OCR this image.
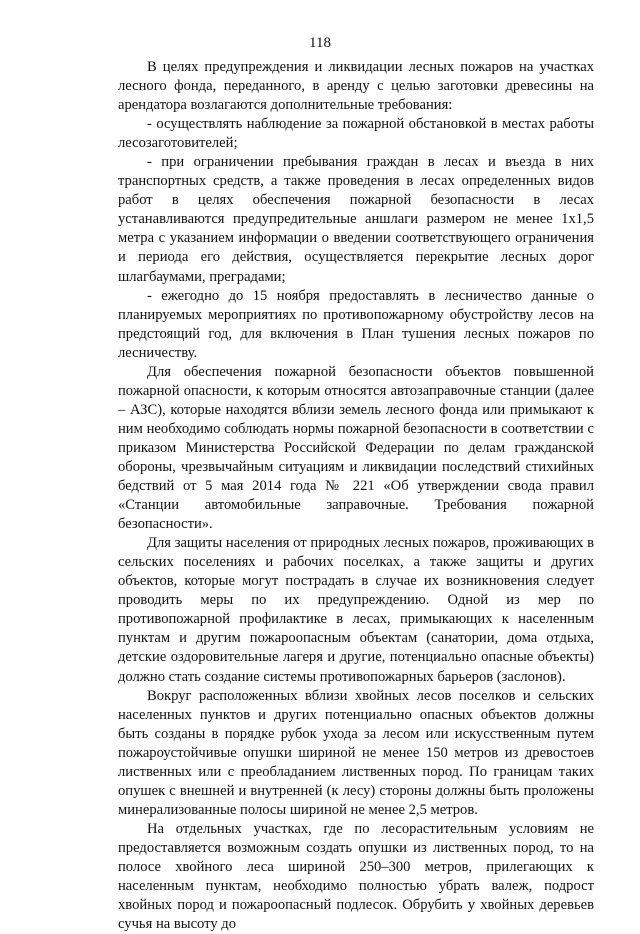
118

В целях предупреждения и ликвидации лесных пожаров на участках лесного фонда, переданного, в аренду с целью заготовки древесины на арендатора возлагаются дополнительные требования:

- осуществлять наблюдение за пожарной обстановкой в местах работы лесозаготовителей;

- при ограничении пребывания граждан в лесах и въезда в них транспортных средств, а также проведения в лесах определенных видов работ в целях обеспечения пожарной безопасности в лесах устанавливаются предупредительные аншлаги размером не менее 1х1,5 метра с указанием информации о введении соответствующего ограничения и периода его действия, осуществляется перекрытие лесных дорог шлагбаумами, преградами;

- ежегодно до 15 ноября предоставлять в лесничество данные о планируемых мероприятиях по противопожарному обустройству лесов на предстоящий год, для включения в План тушения лесных пожаров по лесничеству.

Для обеспечения пожарной безопасности объектов повышенной пожарной опасности, к которым относятся автозаправочные станции (далее – АЗС), которые находятся вблизи земель лесного фонда или примыкают к ним необходимо соблюдать нормы пожарной безопасности в соответствии с приказом Министерства Российской Федерации по делам гражданской обороны, чрезвычайным ситуациям и ликвидации последствий стихийных бедствий от 5 мая 2014 года № 221 «Об утверждении свода правил «Станции автомобильные заправочные. Требования пожарной безопасности».

Для защиты населения от природных лесных пожаров, проживающих в сельских поселениях и рабочих поселках, а также защиты и других объектов, которые могут пострадать в случае их возникновения следует проводить меры по их предупреждению. Одной из мер по противопожарной профилактике в лесах, примыкающих к населенным пунктам и другим пожароопасным объектам (санатории, дома отдыха, детские оздоровительные лагеря и другие, потенциально опасные объекты) должно стать создание системы противопожарных барьеров (заслонов).

Вокруг расположенных вблизи хвойных лесов поселков и сельских населенных пунктов и других потенциально опасных объектов должны быть созданы в порядке рубок ухода за лесом или искусственным путем пожароустойчивые опушки шириной не менее 150 метров из древостоев лиственных или с преобладанием лиственных пород. По границам таких опушек с внешней и внутренней (к лесу) стороны должны быть проложены минерализованные полосы шириной не менее 2,5 метров.

На отдельных участках, где по лесорастительным условиям не предоставляется возможным создать опушки из лиственных пород, то на полосе хвойного леса шириной 250–300 метров, прилегающих к населенным пунктам, необходимо полностью убрать валеж, подрост хвойных пород и пожароопасный подлесок. Обрубить у хвойных деревьев сучья на высоту до
